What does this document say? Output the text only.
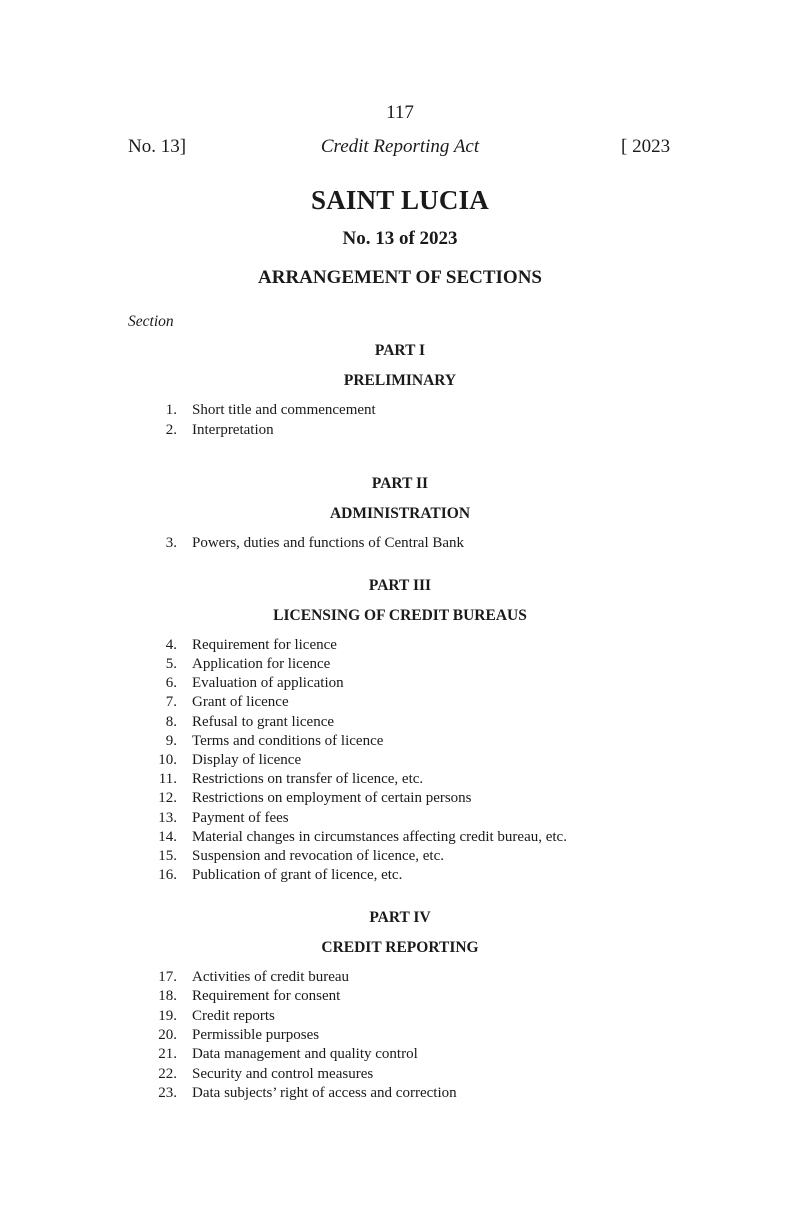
117
No. 13]	Credit Reporting Act	[ 2023
SAINT LUCIA
No. 13 of 2023
ARRANGEMENT OF SECTIONS
Section
PART I
PRELIMINARY
1. Short title and commencement
2. Interpretation
PART II
ADMINISTRATION
3. Powers, duties and functions of Central Bank
PART III
LICENSING OF CREDIT BUREAUS
4. Requirement for licence
5. Application for licence
6. Evaluation of application
7. Grant of licence
8. Refusal to grant licence
9. Terms and conditions of licence
10. Display of licence
11. Restrictions on transfer of licence, etc.
12. Restrictions on employment of certain persons
13. Payment of fees
14. Material changes in circumstances affecting credit bureau, etc.
15. Suspension and revocation of licence, etc.
16. Publication of grant of licence, etc.
PART IV
CREDIT REPORTING
17. Activities of credit bureau
18. Requirement for consent
19. Credit reports
20. Permissible purposes
21. Data management and quality control
22. Security and control measures
23. Data subjects’ right of access and correction
